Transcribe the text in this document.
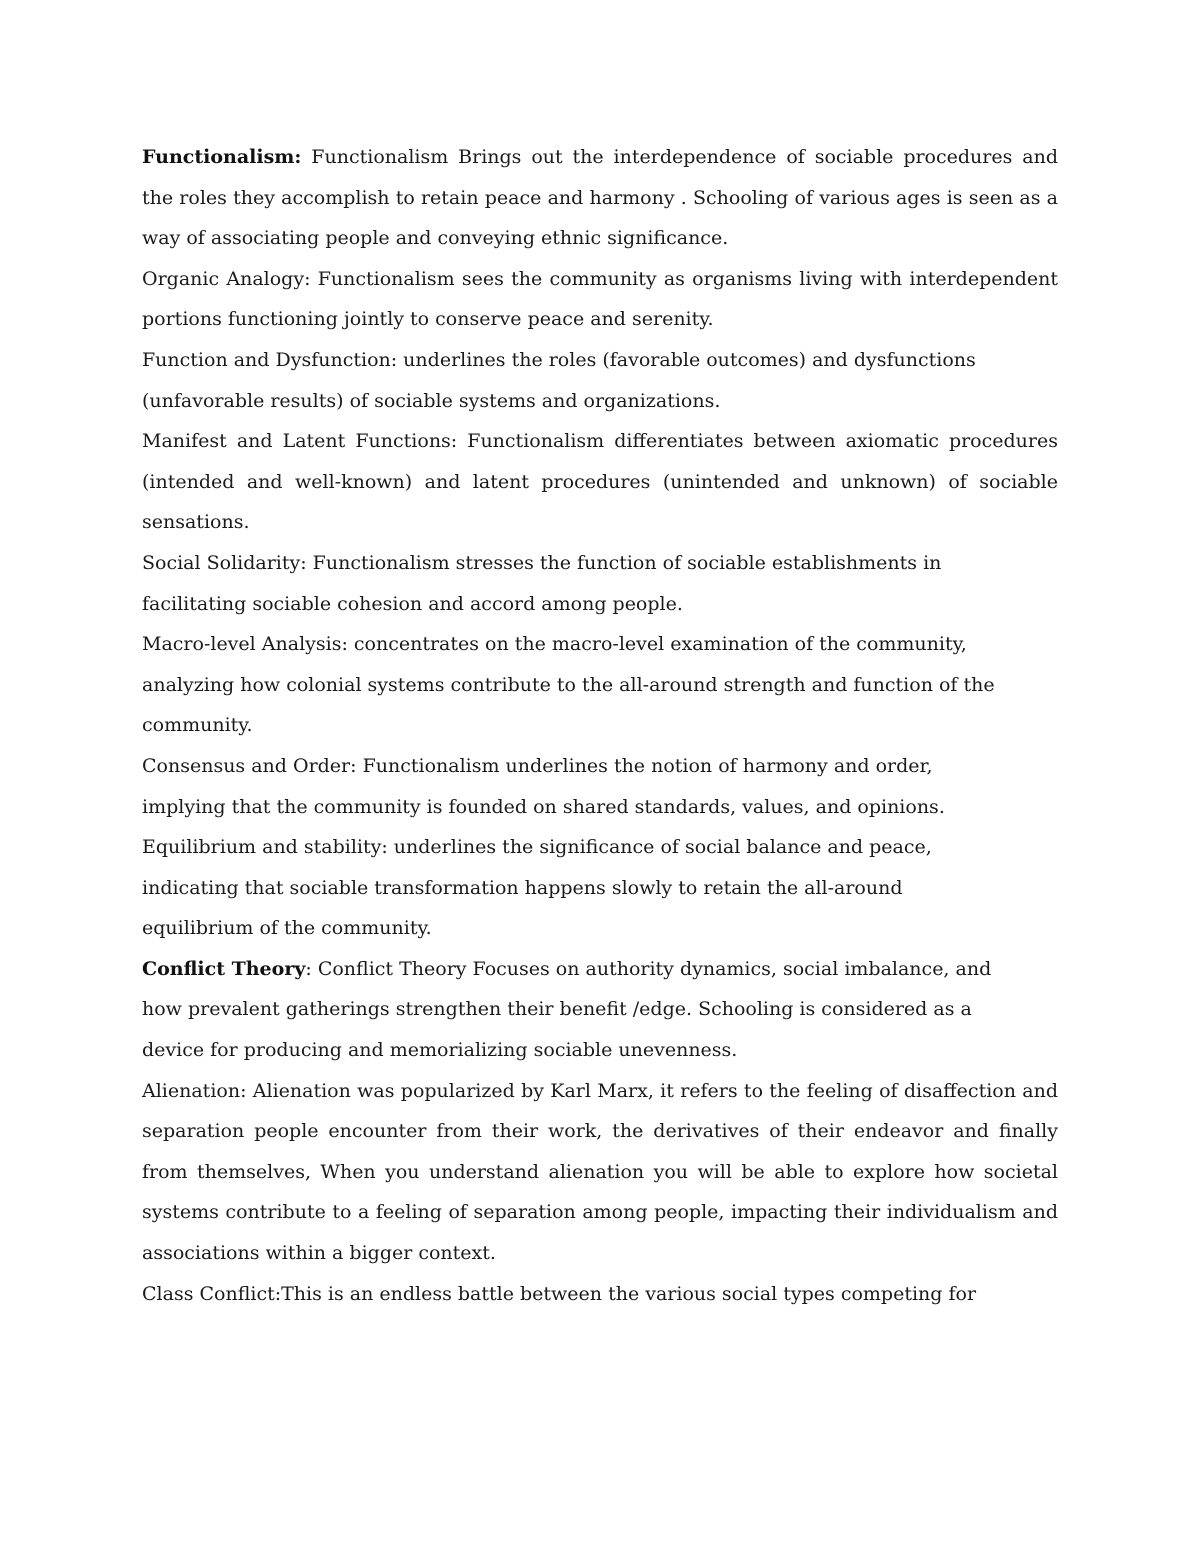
Functionalism: Functionalism Brings out the interdependence of sociable procedures and the roles they accomplish to retain peace and harmony . Schooling of various ages is seen as a way of associating people and conveying ethnic significance.

Organic Analogy: Functionalism sees the community as organisms living with interdependent portions functioning jointly to conserve peace and serenity.

Function and Dysfunction: underlines the roles (favorable outcomes) and dysfunctions
(unfavorable results) of sociable systems and organizations.

Manifest and Latent Functions: Functionalism differentiates between axiomatic procedures (intended and well-known) and latent procedures (unintended and unknown) of sociable sensations.

Social Solidarity: Functionalism stresses the function of sociable establishments in
facilitating sociable cohesion and accord among people.

Macro-level Analysis: concentrates on the macro-level examination of the community,
analyzing how colonial systems contribute to the all-around strength and function of the
community.

Consensus and Order: Functionalism underlines the notion of harmony and order,
implying that the community is founded on shared standards, values, and opinions.

Equilibrium and stability: underlines the significance of social balance and peace,
indicating that sociable transformation happens slowly to retain the all-around
equilibrium of the community.

Conflict Theory: Conflict Theory Focuses on authority dynamics, social imbalance, and
how prevalent gatherings strengthen their benefit /edge. Schooling is considered as a
device for producing and memorializing sociable unevenness.

Alienation: Alienation was popularized by Karl Marx, it refers to the feeling of disaffection and separation people encounter from their work, the derivatives of their endeavor and finally from themselves, When you understand alienation you will be able to explore how societal systems contribute to a feeling of separation among people, impacting their individualism and associations within a bigger context.

Class Conflict:This is an endless battle between the various social types competing for
